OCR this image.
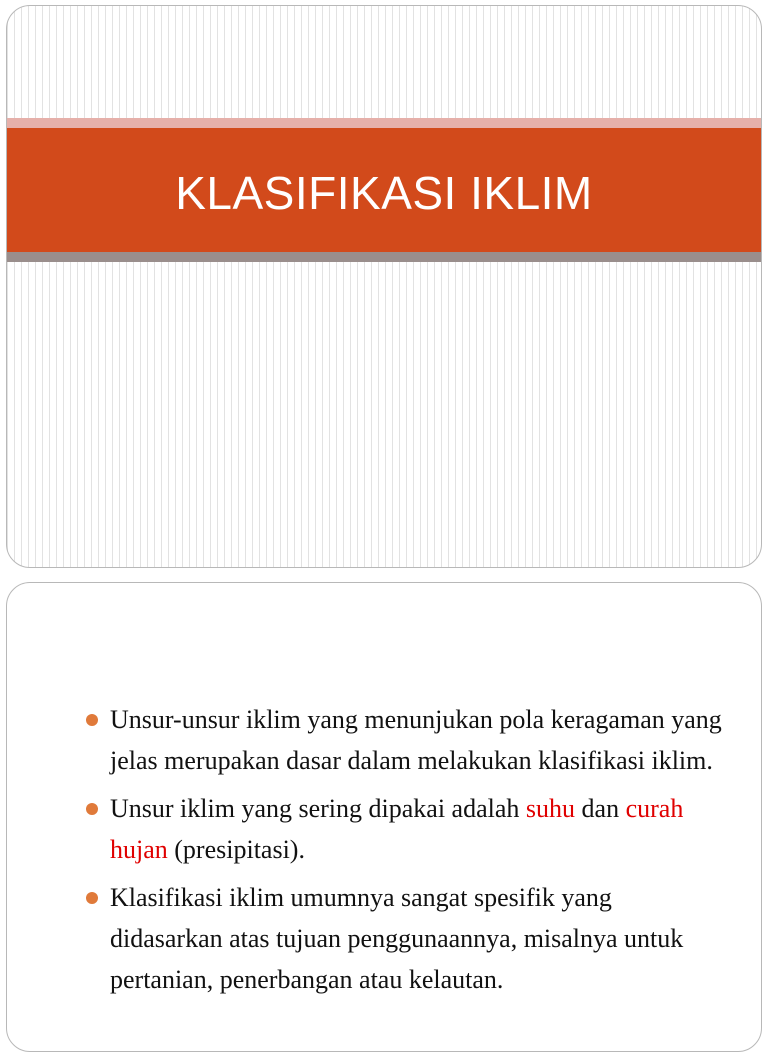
KLASIFIKASI IKLIM
Unsur-unsur iklim yang menunjukan pola keragaman yang jelas merupakan dasar dalam melakukan klasifikasi iklim.
Unsur iklim yang sering dipakai adalah suhu dan curah hujan (presipitasi).
Klasifikasi iklim umumnya sangat spesifik yang didasarkan atas tujuan penggunaannya, misalnya untuk pertanian, penerbangan atau kelautan.
